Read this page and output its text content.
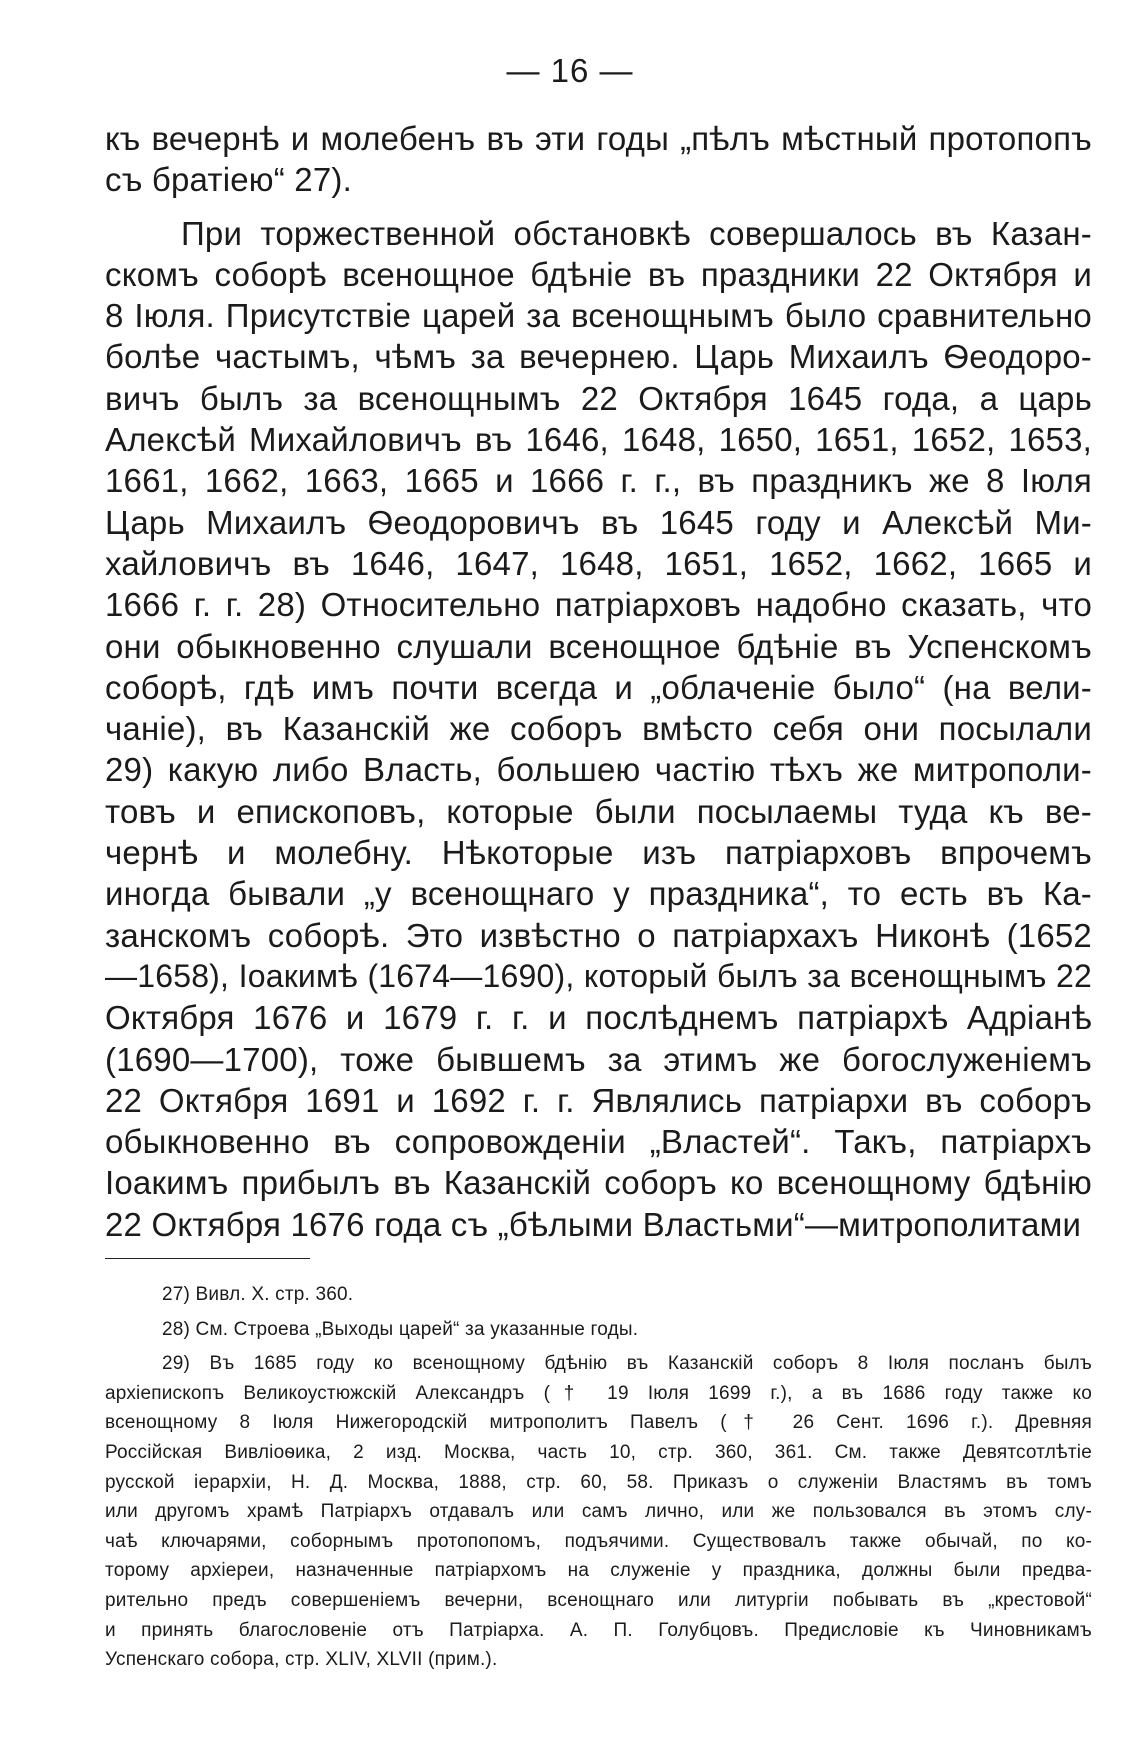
— 16 —
къ вечернѣ и молебенъ въ эти годы „пѣлъ мѣстный протопопъ съ братіею“ 27).
При торжественной обстановкѣ совершалось въ Казан-
скомъ соборѣ всенощное бдѣніе въ праздники 22 Октября и
8 Іюля. Присутствіе царей за всенощнымъ было сравнительно
болѣе частымъ, чѣмъ за вечернею. Царь Михаилъ Ѳеодоро-
вичъ былъ за всенощнымъ 22 Октября 1645 года, а царь
Алексѣй Михайловичъ въ 1646, 1648, 1650, 1651, 1652, 1653,
1661, 1662, 1663, 1665 и 1666 г. г., въ праздникъ же 8 Іюля
Царь Михаилъ Ѳеодоровичъ въ 1645 году и Алексѣй Ми-
хайловичъ въ 1646, 1647, 1648, 1651, 1652, 1662, 1665 и
1666 г. г. 28) Относительно патріарховъ надобно сказать, что
они обыкновенно слушали всенощное бдѣніе въ Успенскомъ
соборѣ, гдѣ имъ почти всегда и „облаченіе было“ (на вели-
чаніе), въ Казанскій же соборъ вмѣсто себя они посылали
29) какую либо Власть, большею частію тѣхъ же митрополи-
товъ и епископовъ, которые были посылаемы туда къ ве-
чернѣ и молебну. Нѣкоторые изъ патріарховъ впрочемъ
иногда бывали „у всенощнаго у праздника“, то есть въ Ка-
занскомъ соборѣ. Это извѣстно о патріархахъ Никонѣ (1652
—1658), Іоакимѣ (1674—1690), который былъ за всенощнымъ 22
Октября 1676 и 1679 г. г. и послѣднемъ патріархѣ Адріанѣ
(1690—1700), тоже бывшемъ за этимъ же богослуженіемъ
22 Октября 1691 и 1692 г. г. Являлись патріархи въ соборъ
обыкновенно въ сопровожденіи „Властей“. Такъ, патріархъ
Іоакимъ прибылъ въ Казанскій соборъ ко всенощному бдѣнію
22 Октября 1676 года съ „бѣлыми Властьми“—митрополитами
27) Вивл. X. стр. 360.
28) См. Строева „Выходы царей“ за указанные годы.
29) Въ 1685 году ко всенощному бдѣнію въ Казанскій соборъ 8 Іюля посланъ былъ
архіепископъ Великоустюжскій Александръ († 19 Іюля 1699 г.), а въ 1686 году также ко
всенощному 8 Іюля Нижегородскій митрополитъ Павелъ († 26 Сент. 1696 г.). Древняя
Россійская Вивліоѳика, 2 изд. Москва, часть 10, стр. 360, 361. См. также Девятсотлѣтіе
русской іерархіи, Н. Д. Москва, 1888, стр. 60, 58. Приказъ о служеніи Властямъ въ томъ
или другомъ храмѣ Патріархъ отдавалъ или самъ лично, или же пользовался въ этомъ слу-
чаѣ ключарями, соборнымъ протопопомъ, подъячими. Существовалъ также обычай, по ко-
торому архіереи, назначенные патріархомъ на служеніе у праздника, должны были предва-
рительно предъ совершеніемъ вечерни, всенощнаго или литургіи побывать въ „крестовой“
и принять благословеніе отъ Патріарха. А. П. Голубцовъ. Предисловіе къ Чиновникамъ
Успенскаго собора, стр. XLIV, XLVII (прим.).
